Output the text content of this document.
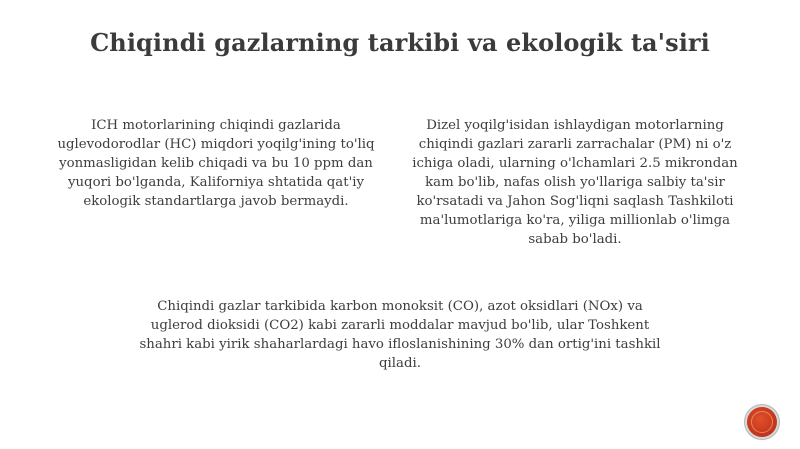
Chiqindi gazlarning tarkibi va ekologik ta'siri

ICH motorlarining chiqindi gazlarida uglevodorodlar (HC) miqdori yoqilg'ining to'liq yonmasligidan kelib chiqadi va bu 10 ppm dan yuqori bo'lganda, Kaliforniya shtatida qat'iy ekologik standartlarga javob bermaydi.

Dizel yoqilg'isidan ishlaydigan motorlarning chiqindi gazlari zararli zarrachalar (PM) ni o'z ichiga oladi, ularning o'lchamlari 2.5 mikrondan kam bo'lib, nafas olish yo'llariga salbiy ta'sir ko'rsatadi va Jahon Sog'liqni saqlash Tashkiloti ma'lumotlariga ko'ra, yiliga millionlab o'limga sabab bo'ladi.

Chiqindi gazlar tarkibida karbon monoksit (CO), azot oksidlari (NOx) va uglerod dioksidi (CO2) kabi zararli moddalar mavjud bo'lib, ular Toshkent shahri kabi yirik shaharlardagi havo ifloslanishining 30% dan ortig'ini tashkil qiladi.
